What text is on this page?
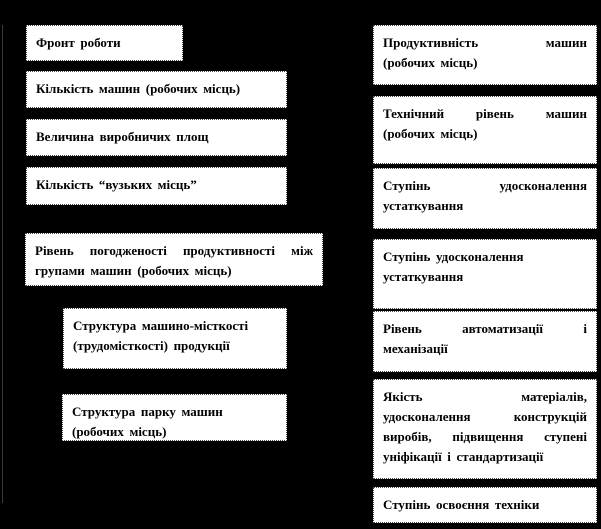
Фронт роботи
Кількість машин (робочих місць)
Величина виробничих площ
Кількість “вузьких місць”
Рівень погодженості продуктивності між
групами машин (робочих місць)
Структура машино-місткості
(трудомісткості) продукції
Структура парку машин
(робочих місць)
Продуктивність машин
(робочих місць)
Технічний рівень машин
(робочих місць)
Ступінь удосконалення
устаткування
Ступінь удосконалення
устаткування
Рівень автоматизації і
механізації
Якість матеріалів,
удосконалення конструкцій
виробів, підвищення ступені
уніфікації і стандартизації
Ступінь освоєння техніки
